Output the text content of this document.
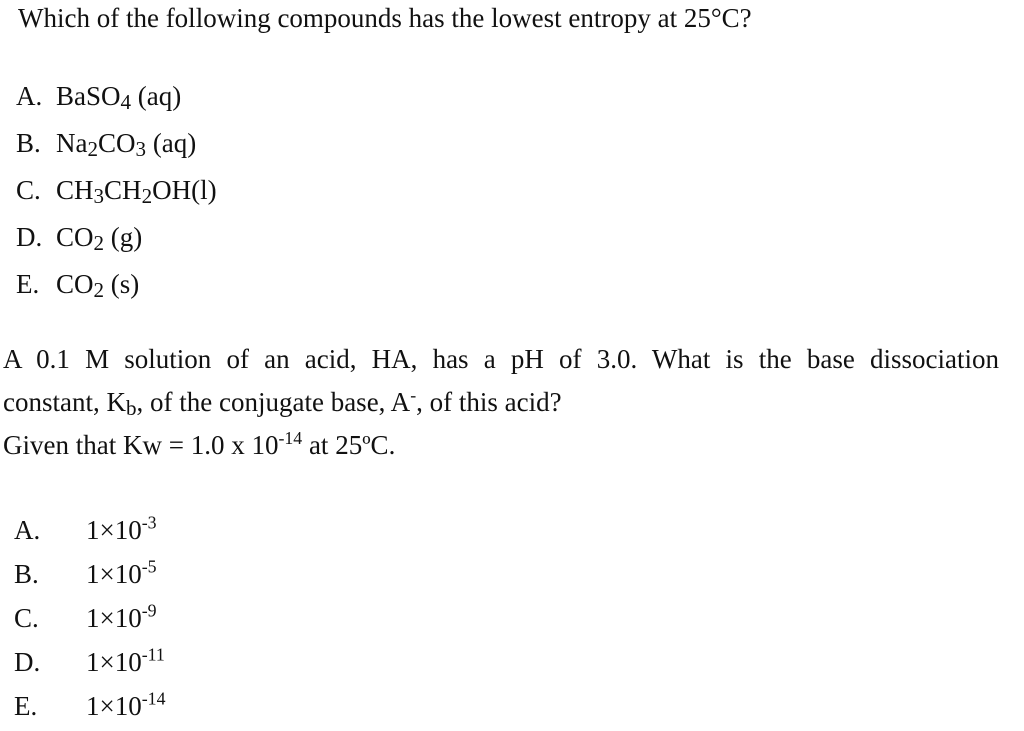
Which of the following compounds has the lowest entropy at 25°C?
A. BaSO$_4$ (aq)
B. $Na_2CO_3$ (aq)
C. $CH_3CH_2OH(l)$
D. $CO_2$ (g)
E. $CO_2$ (s)
A 0.1 M solution of an acid, HA, has a pH of 3.0. What is the base dissociation
constant, Kb, of the conjugate base, A-, of this acid?
Given that Kw = 1.0 x $10^{-14}$ at 25ºC.
A. $1\times 10^{-3}$
B. $1\times 10^{-5}$
C. $1\times 10^{-9}$
D. $1\times 10^{-11}$
E. $1\times 10^{-14}$
